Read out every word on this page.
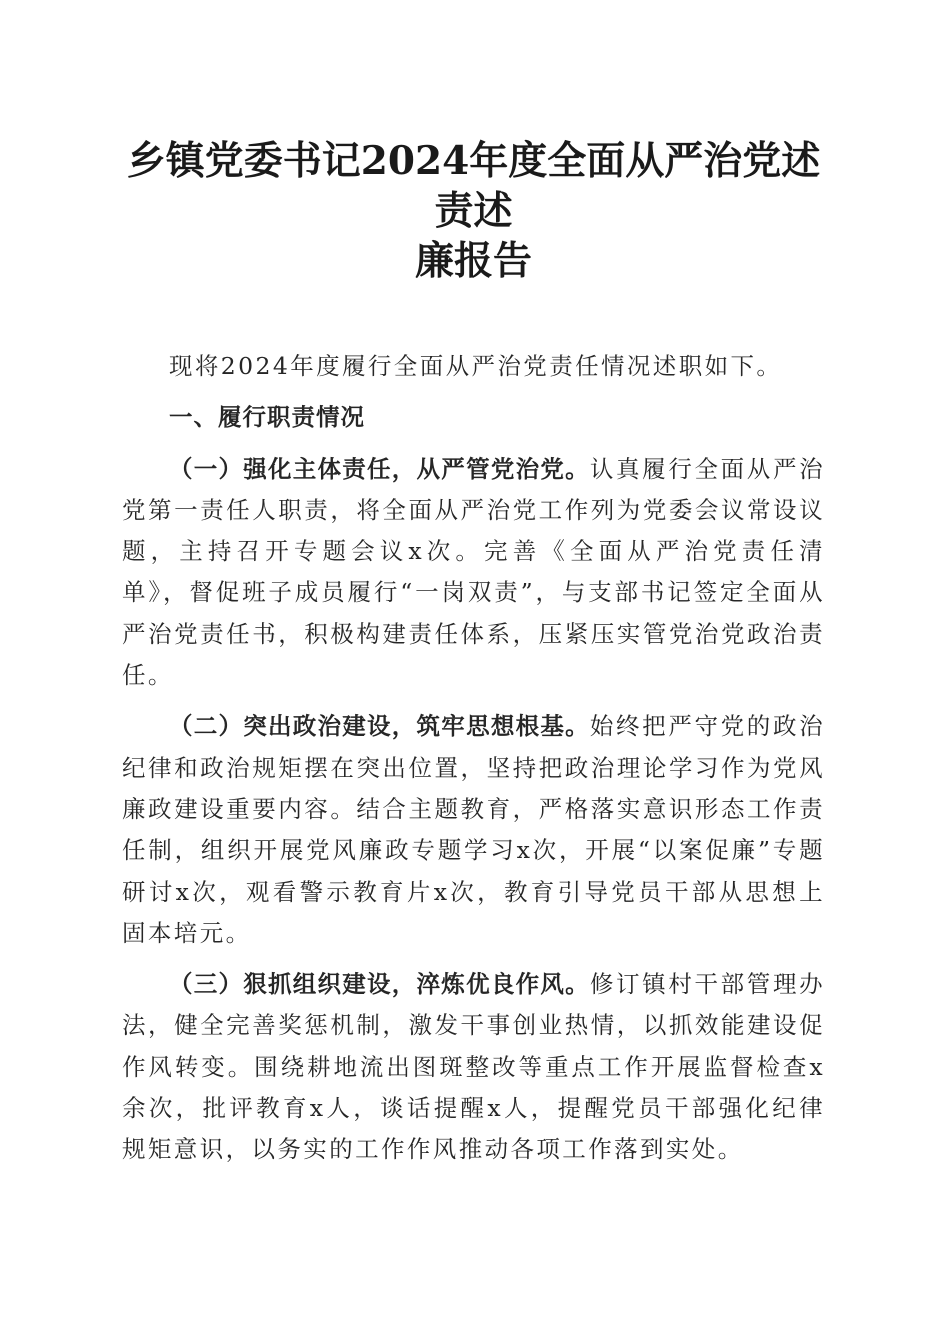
乡镇党委书记2024年度全面从严治党述责述
廉报告

现将2024年度履行全面从严治党责任情况述职如下。

一、履行职责情况

（一）强化主体责任，从严管党治党。认真履行全面从严治党第一责任人职责，将全面从严治党工作列为党委会议常设议题，主持召开专题会议x次。完善《全面从严治党责任清单》，督促班子成员履行“一岗双责”，与支部书记签定全面从严治党责任书，积极构建责任体系，压紧压实管党治党政治责任。

（二）突出政治建设，筑牢思想根基。始终把严守党的政治纪律和政治规矩摆在突出位置，坚持把政治理论学习作为党风廉政建设重要内容。结合主题教育，严格落实意识形态工作责任制，组织开展党风廉政专题学习x次，开展“以案促廉”专题研讨x次，观看警示教育片x次，教育引导党员干部从思想上固本培元。

（三）狠抓组织建设，淬炼优良作风。修订镇村干部管理办法，健全完善奖惩机制，激发干事创业热情，以抓效能建设促作风转变。围绕耕地流出图斑整改等重点工作开展监督检查x余次，批评教育x人，谈话提醒x人，提醒党员干部强化纪律规矩意识，以务实的工作作风推动各项工作落到实处。
